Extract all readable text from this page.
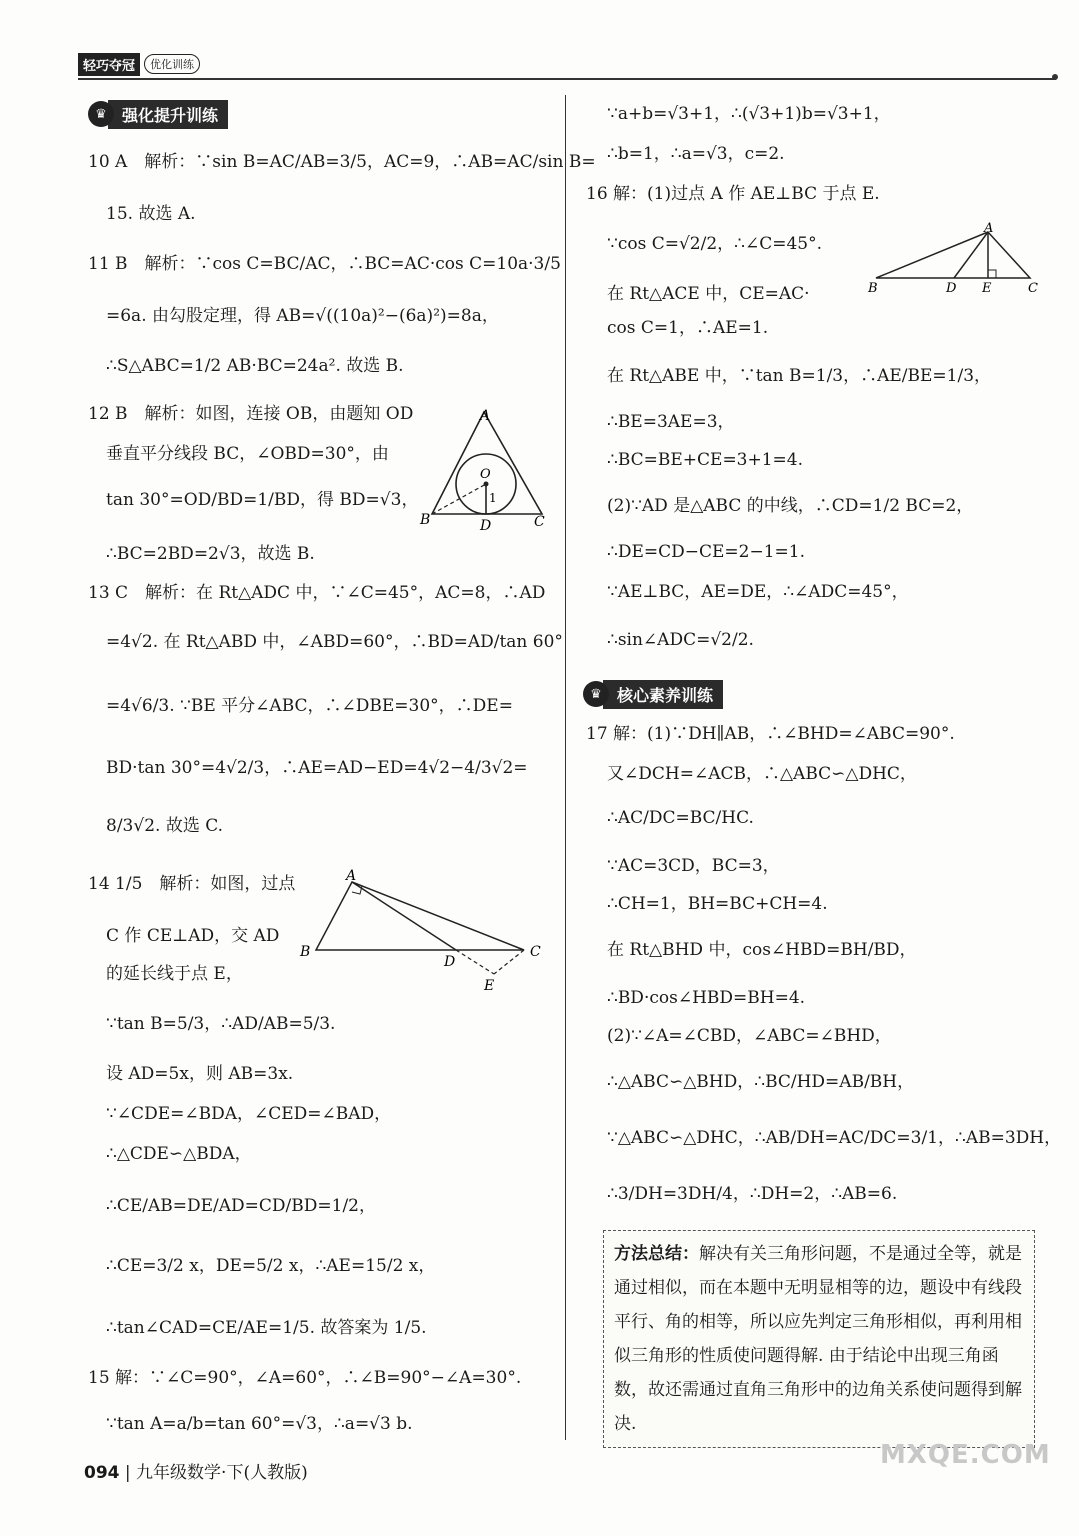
轻巧夺冠	优化训练
♛ 强化提升训练
♛ 核心素养训练
10 A　解析：∵sin B=AC/AB=3/5，AC=9，∴AB=AC/sin B=
15. 故选 A.
11 B　解析：∵cos C=BC/AC，∴BC=AC·cos C=10a·3/5
=6a. 由勾股定理，得 AB=√((10a)²−(6a)²)=8a，
∴S△ABC=1/2 AB·BC=24a². 故选 B.
12 B　解析：如图，连接 OB，由题知 OD
垂直平分线段 BC，∠OBD=30°，由
tan 30°=OD/BD=1/BD，得 BD=√3，
∴BC=2BD=2√3，故选 B.
13 C　解析：在 Rt△ADC 中，∵∠C=45°，AC=8，∴AD
=4√2. 在 Rt△ABD 中，∠ABD=60°，∴BD=AD/tan 60°
=4√6/3. ∵BE 平分∠ABC，∴∠DBE=30°，∴DE=
BD·tan 30°=4√2/3，∴AE=AD−ED=4√2−4/3√2=
8/3√2. 故选 C.
14 1/5　解析：如图，过点
C 作 CE⊥AD，交 AD
的延长线于点 E，
∵tan B=5/3，∴AD/AB=5/3.
设 AD=5x，则 AB=3x.
∵∠CDE=∠BDA，∠CED=∠BAD，
∴△CDE∽△BDA，
∴CE/AB=DE/AD=CD/BD=1/2，
∴CE=3/2 x，DE=5/2 x，∴AE=15/2 x，
∴tan∠CAD=CE/AE=1/5. 故答案为 1/5.
15 解：∵∠C=90°，∠A=60°，∴∠B=90°−∠A=30°.
∵tan A=a/b=tan 60°=√3，∴a=√3 b.
A
O
1
B	D	C
A
B
D
C
E
∵a+b=√3+1，∴(√3+1)b=√3+1，
∴b=1，∴a=√3，c=2.
16 解：(1)过点 A 作 AE⊥BC 于点 E.
∵cos C=√2/2，∴∠C=45°.
在 Rt△ACE 中，CE=AC·
cos C=1，∴AE=1.
在 Rt△ABE 中，∵tan B=1/3，∴AE/BE=1/3，
∴BE=3AE=3，
∴BC=BE+CE=3+1=4.
(2)∵AD 是△ABC 的中线，∴CD=1/2 BC=2，
∴DE=CD−CE=2−1=1.
∵AE⊥BC，AE=DE，∴∠ADC=45°，
∴sin∠ADC=√2/2.
17 解：(1)∵DH∥AB，∴∠BHD=∠ABC=90°.
又∠DCH=∠ACB，∴△ABC∽△DHC，
∴AC/DC=BC/HC.
∵AC=3CD，BC=3，
∴CH=1，BH=BC+CH=4.
在 Rt△BHD 中，cos∠HBD=BH/BD，
∴BD·cos∠HBD=BH=4.
(2)∵∠A=∠CBD，∠ABC=∠BHD，
∴△ABC∽△BHD，∴BC/HD=AB/BH，
∵△ABC∽△DHC，∴AB/DH=AC/DC=3/1，∴AB=3DH，
∴3/DH=3DH/4，∴DH=2，∴AB=6.
A
B	D E	C
方法总结：解决有关三角形问题，不是通过全等，就是通过相似，而在本题中无明显相等的边，题设中有线段平行、角的相等，所以应先判定三角形相似，再利用相似三角形的性质使问题得解. 由于结论中出现三角函数，故还需通过直角三角形中的边角关系使问题得到解决.
094 | 九年级数学·下(人教版)
MXQE.COM
